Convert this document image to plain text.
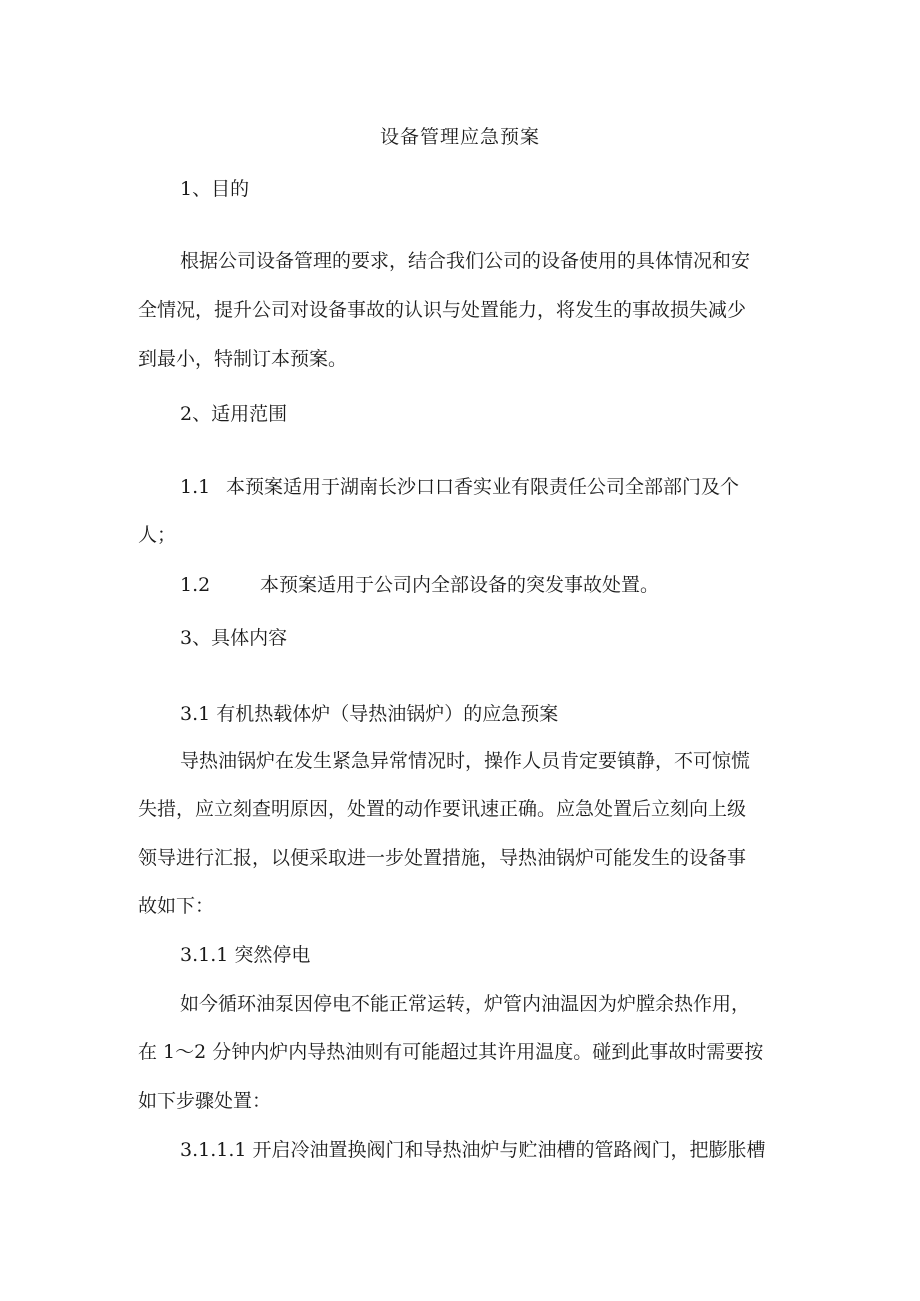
设备管理应急预案
1、目的
根据公司设备管理的要求，结合我们公司的设备使用的具体情况和安
全情况，提升公司对设备事故的认识与处置能力，将发生的事故损失减少
到最小，特制订本预案。
2、适用范围
1.1 本预案适用于湖南长沙口口香实业有限责任公司全部部门及个
人；
1.2	本预案适用于公司内全部设备的突发事故处置。
3、具体内容
3.1 有机热载体炉（导热油锅炉）的应急预案
导热油锅炉在发生紧急异常情况时，操作人员肯定要镇静，不可惊慌
失措，应立刻查明原因，处置的动作要讯速正确。应急处置后立刻向上级
领导进行汇报，以便采取进一步处置措施，导热油锅炉可能发生的设备事
故如下：
3.1.1 突然停电
如今循环油泵因停电不能正常运转，炉管内油温因为炉膛余热作用，
在 1～2 分钟内炉内导热油则有可能超过其许用温度。碰到此事故时需要按
如下步骤处置：
3.1.1.1 开启冷油置换阀门和导热油炉与贮油槽的管路阀门，把膨胀槽
